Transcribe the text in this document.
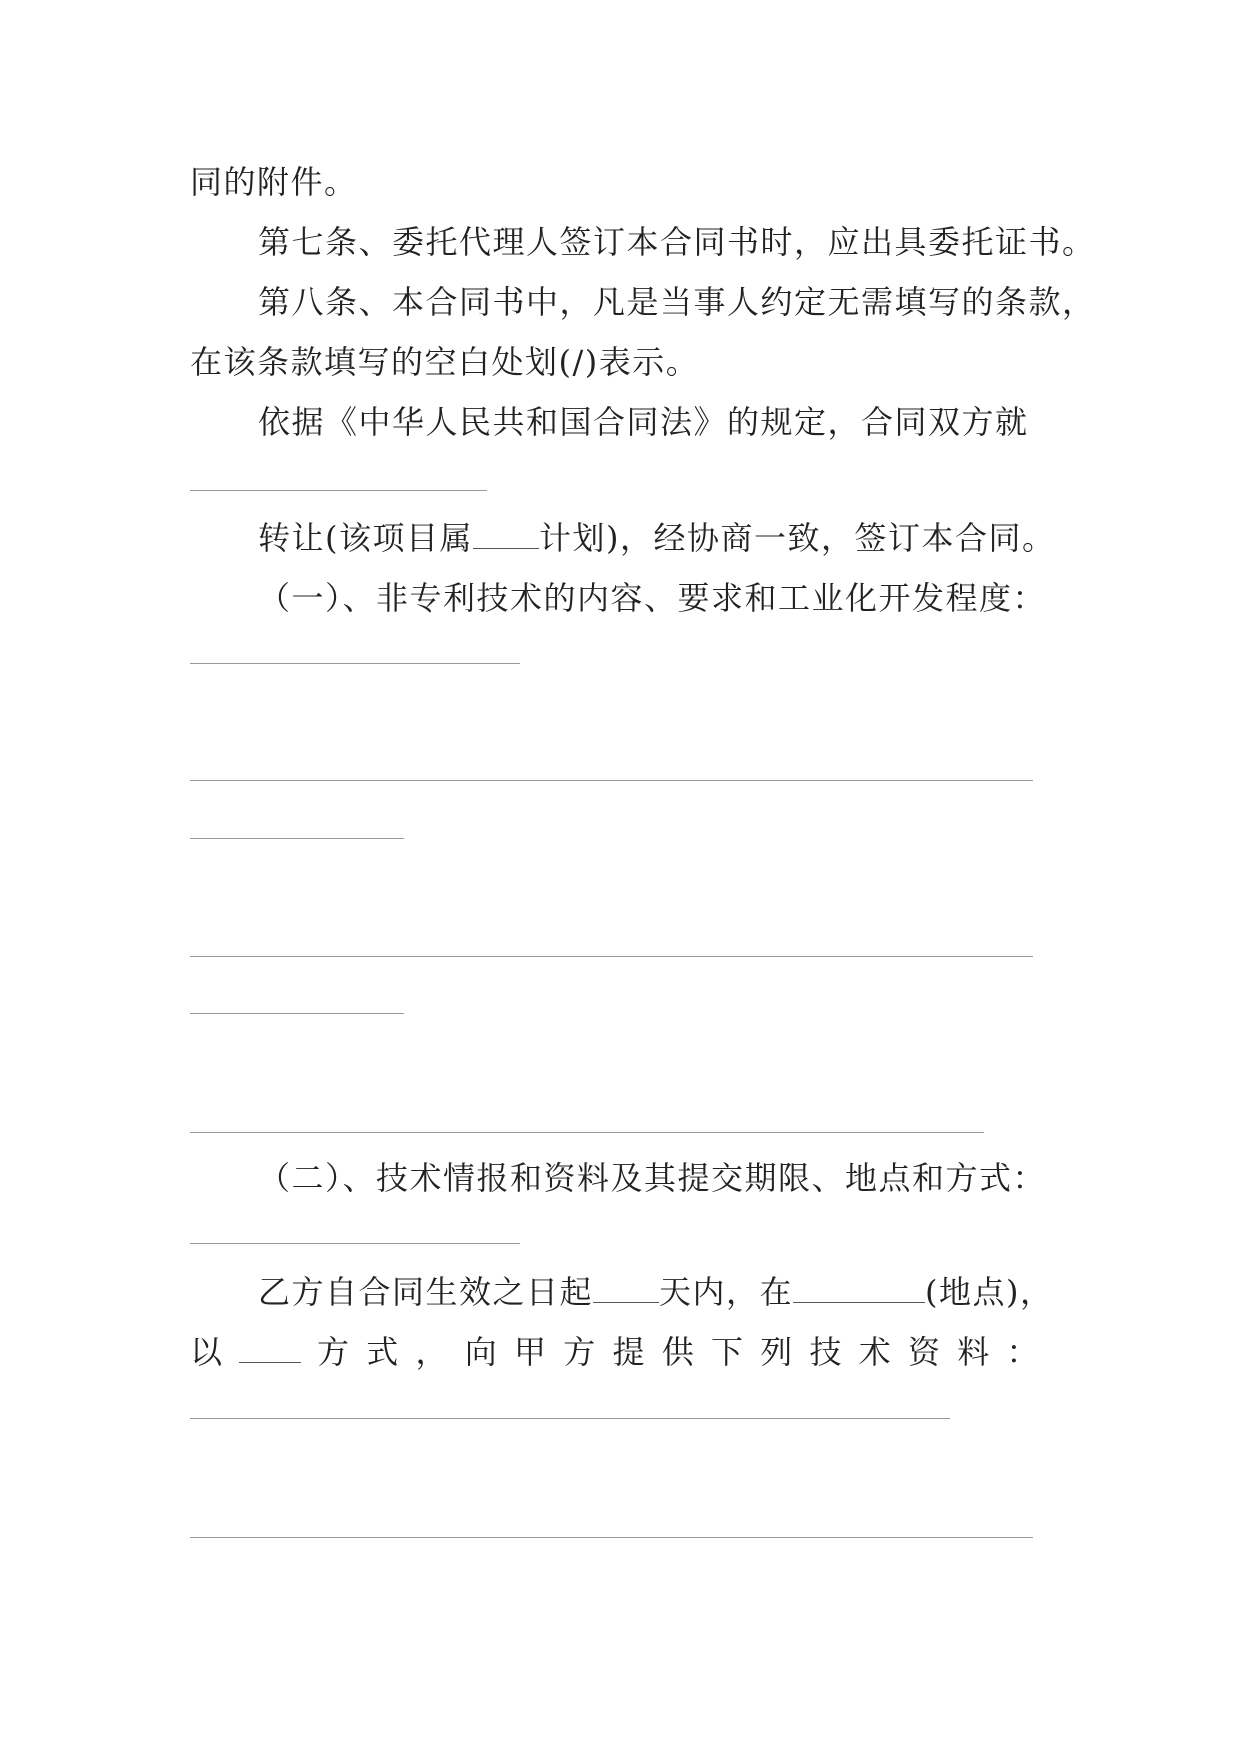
同的附件。
第七条、委托代理人签订本合同书时，应出具委托证书。
第八条、本合同书中，凡是当事人约定无需填写的条款，
在该条款填写的空白处划(/)表示。
依据《中华人民共和国合同法》的规定，合同双方就
转让(该项目属 计划)，经协商一致，签订本合同。
（一）、非专利技术的内容、要求和工业化开发程度：
（二）、技术情报和资料及其提交期限、地点和方式：
乙方自合同生效之日起 天内，在	(地点)，
以	方 式 ， 向 甲 方 提 供 下 列 技 术 资 料 ：
